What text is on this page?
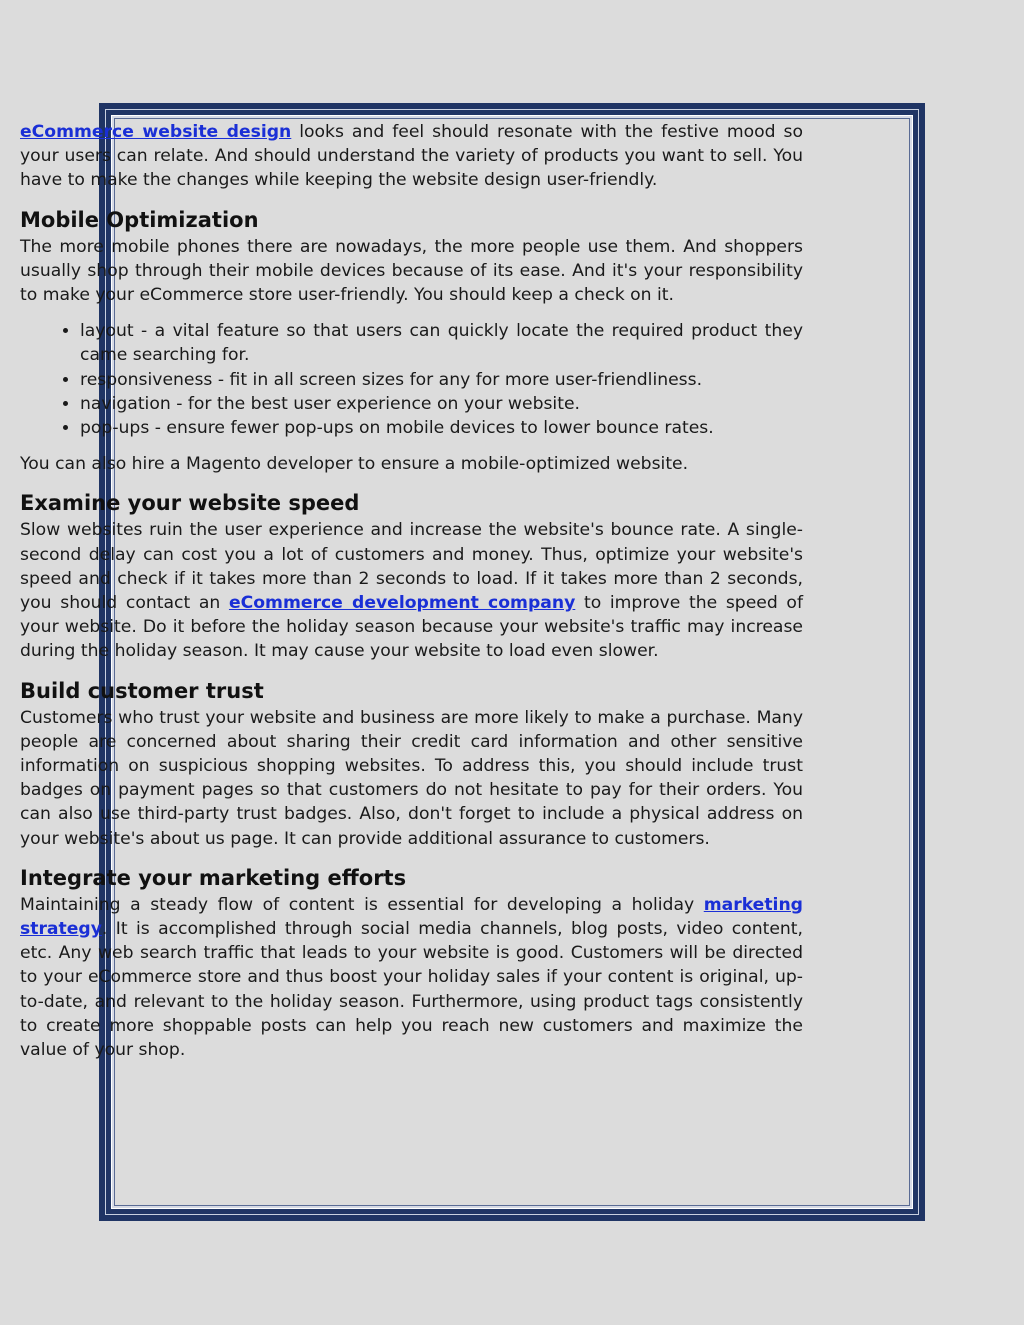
eCommerce website design looks and feel should resonate with the festive mood so your users can relate. And should understand the variety of products you want to sell. You have to make the changes while keeping the website design user-friendly.

Mobile Optimization

The more mobile phones there are nowadays, the more people use them. And shoppers usually shop through their mobile devices because of its ease. And it's your responsibility to make your eCommerce store user-friendly. You should keep a check on it.

• layout - a vital feature so that users can quickly locate the required product they came searching for.
• responsiveness - fit in all screen sizes for any for more user-friendliness.
• navigation - for the best user experience on your website.
• pop-ups - ensure fewer pop-ups on mobile devices to lower bounce rates.

You can also hire a Magento developer to ensure a mobile-optimized website.

Examine your website speed

Slow websites ruin the user experience and increase the website's bounce rate. A single-second delay can cost you a lot of customers and money. Thus, optimize your website's speed and check if it takes more than 2 seconds to load. If it takes more than 2 seconds, you should contact an eCommerce development company to improve the speed of your website. Do it before the holiday season because your website's traffic may increase during the holiday season. It may cause your website to load even slower.

Build customer trust

Customers who trust your website and business are more likely to make a purchase. Many people are concerned about sharing their credit card information and other sensitive information on suspicious shopping websites. To address this, you should include trust badges on payment pages so that customers do not hesitate to pay for their orders. You can also use third-party trust badges. Also, don't forget to include a physical address on your website's about us page. It can provide additional assurance to customers.

Integrate your marketing efforts

Maintaining a steady flow of content is essential for developing a holiday marketing strategy. It is accomplished through social media channels, blog posts, video content, etc. Any web search traffic that leads to your website is good. Customers will be directed to your eCommerce store and thus boost your holiday sales if your content is original, up-to-date, and relevant to the holiday season. Furthermore, using product tags consistently to create more shoppable posts can help you reach new customers and maximize the value of your shop.
